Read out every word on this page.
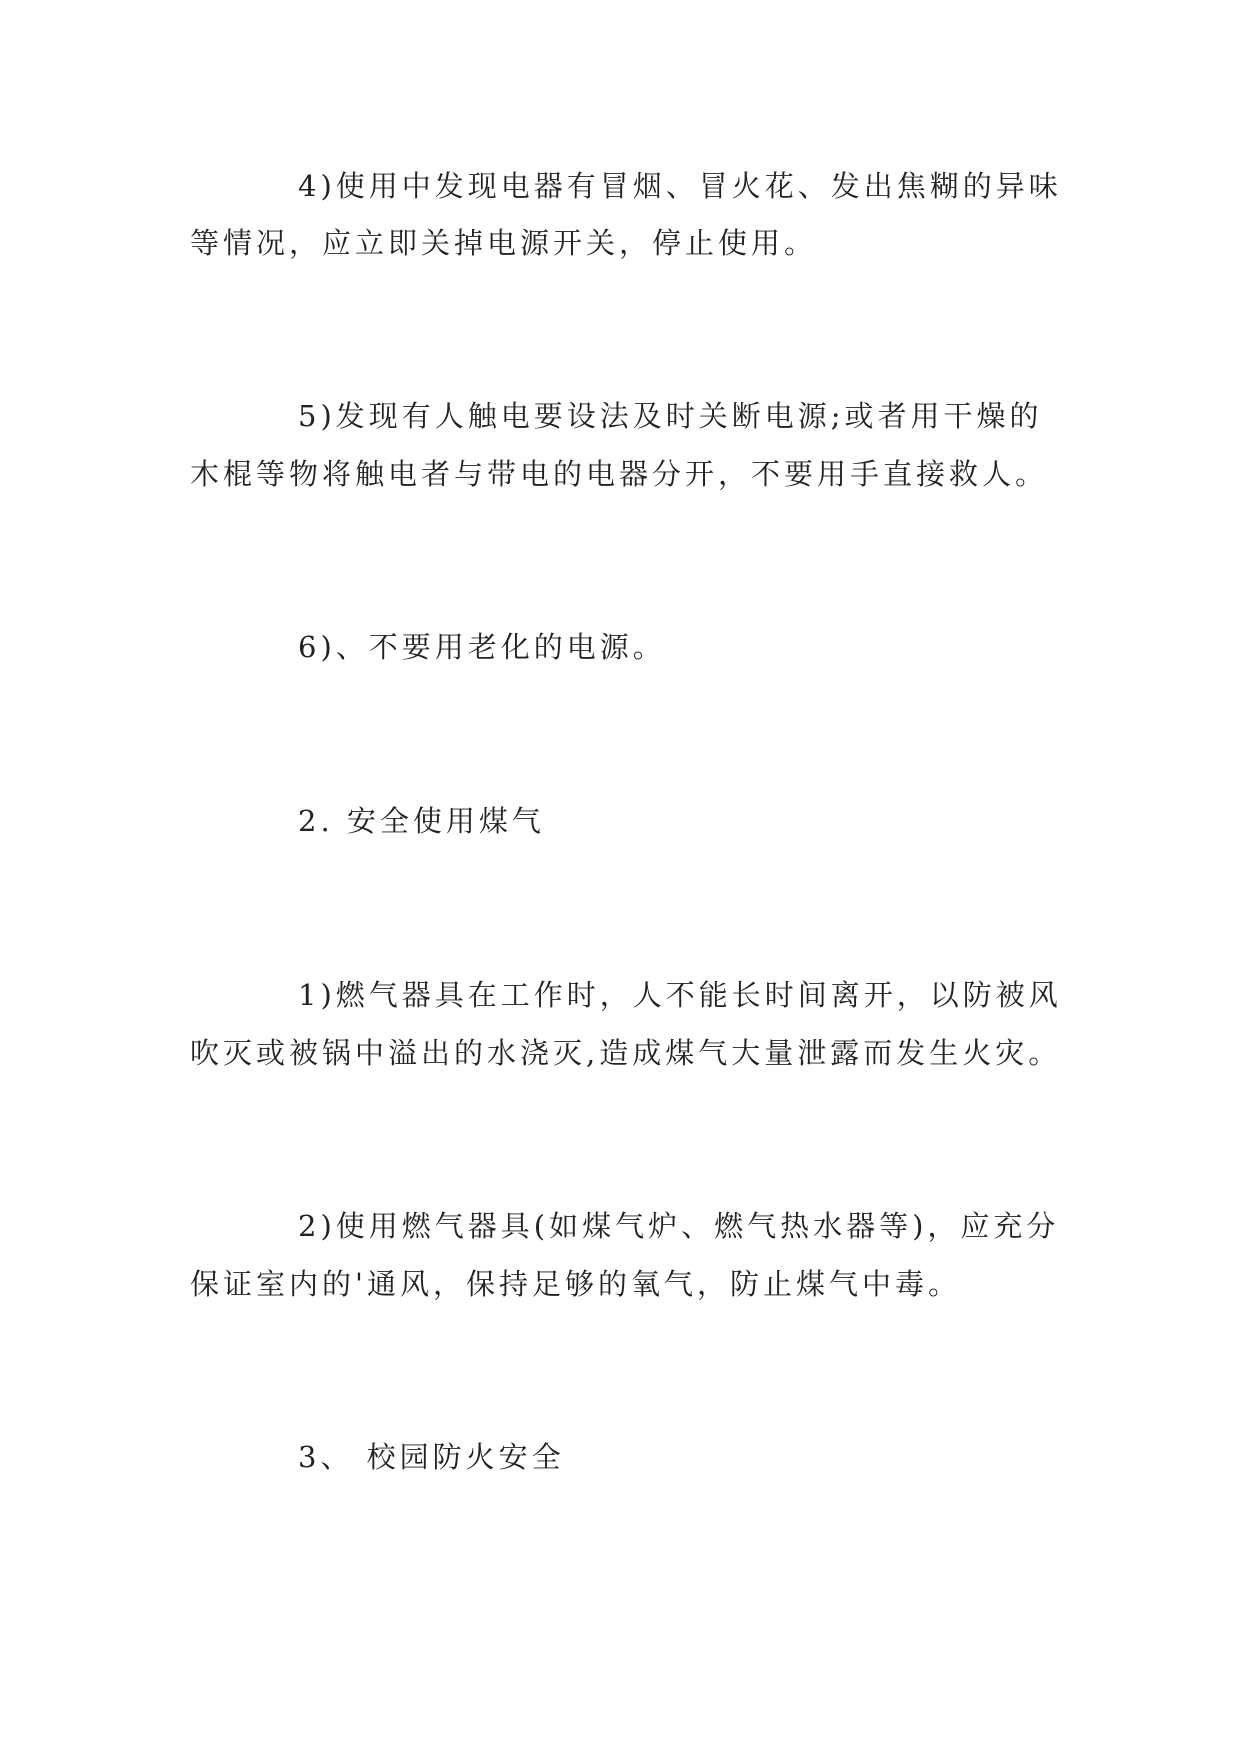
4)使用中发现电器有冒烟、冒火花、发出焦糊的异味
等情况，应立即关掉电源开关，停止使用。
5)发现有人触电要设法及时关断电源;或者用干燥的
木棍等物将触电者与带电的电器分开，不要用手直接救人。
6)、不要用老化的电源。
2. 安全使用煤气
1)燃气器具在工作时，人不能长时间离开，以防被风
吹灭或被锅中溢出的水浇灭,造成煤气大量泄露而发生火灾。
2)使用燃气器具(如煤气炉、燃气热水器等)，应充分
保证室内的'通风，保持足够的氧气，防止煤气中毒。
3、 校园防火安全
